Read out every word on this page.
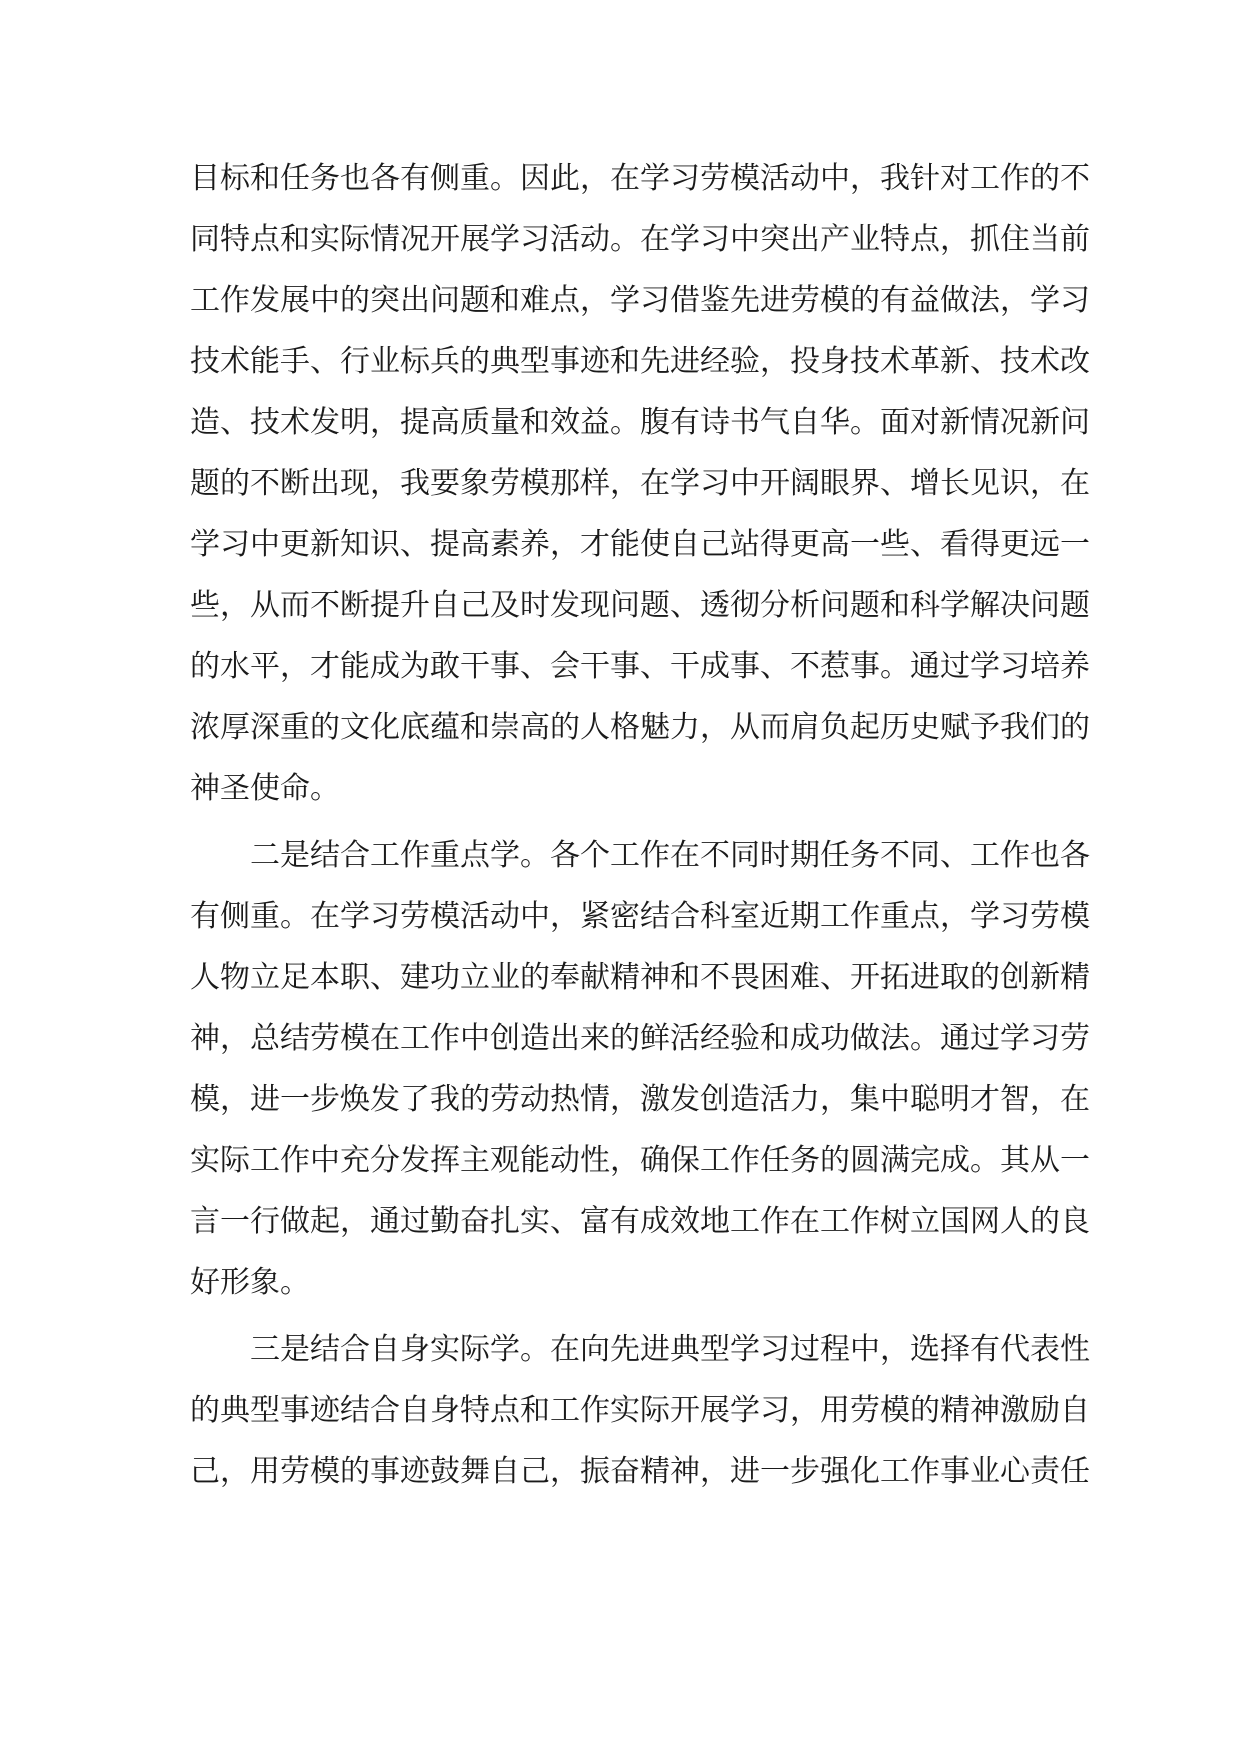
目标和任务也各有侧重。因此，在学习劳模活动中，我针对工作的不
同特点和实际情况开展学习活动。在学习中突出产业特点，抓住当前
工作发展中的突出问题和难点，学习借鉴先进劳模的有益做法，学习
技术能手、行业标兵的典型事迹和先进经验，投身技术革新、技术改
造、技术发明，提高质量和效益。腹有诗书气自华。面对新情况新问
题的不断出现，我要象劳模那样，在学习中开阔眼界、增长见识，在
学习中更新知识、提高素养，才能使自己站得更高一些、看得更远一
些，从而不断提升自己及时发现问题、透彻分析问题和科学解决问题
的水平，才能成为敢干事、会干事、干成事、不惹事。通过学习培养
浓厚深重的文化底蕴和崇高的人格魅力，从而肩负起历史赋予我们的
神圣使命。
二是结合工作重点学。各个工作在不同时期任务不同、工作也各
有侧重。在学习劳模活动中，紧密结合科室近期工作重点，学习劳模
人物立足本职、建功立业的奉献精神和不畏困难、开拓进取的创新精
神，总结劳模在工作中创造出来的鲜活经验和成功做法。通过学习劳
模，进一步焕发了我的劳动热情，激发创造活力，集中聪明才智，在
实际工作中充分发挥主观能动性，确保工作任务的圆满完成。其从一
言一行做起，通过勤奋扎实、富有成效地工作在工作树立国网人的良
好形象。
三是结合自身实际学。在向先进典型学习过程中，选择有代表性
的典型事迹结合自身特点和工作实际开展学习，用劳模的精神激励自
己，用劳模的事迹鼓舞自己，振奋精神，进一步强化工作事业心责任
